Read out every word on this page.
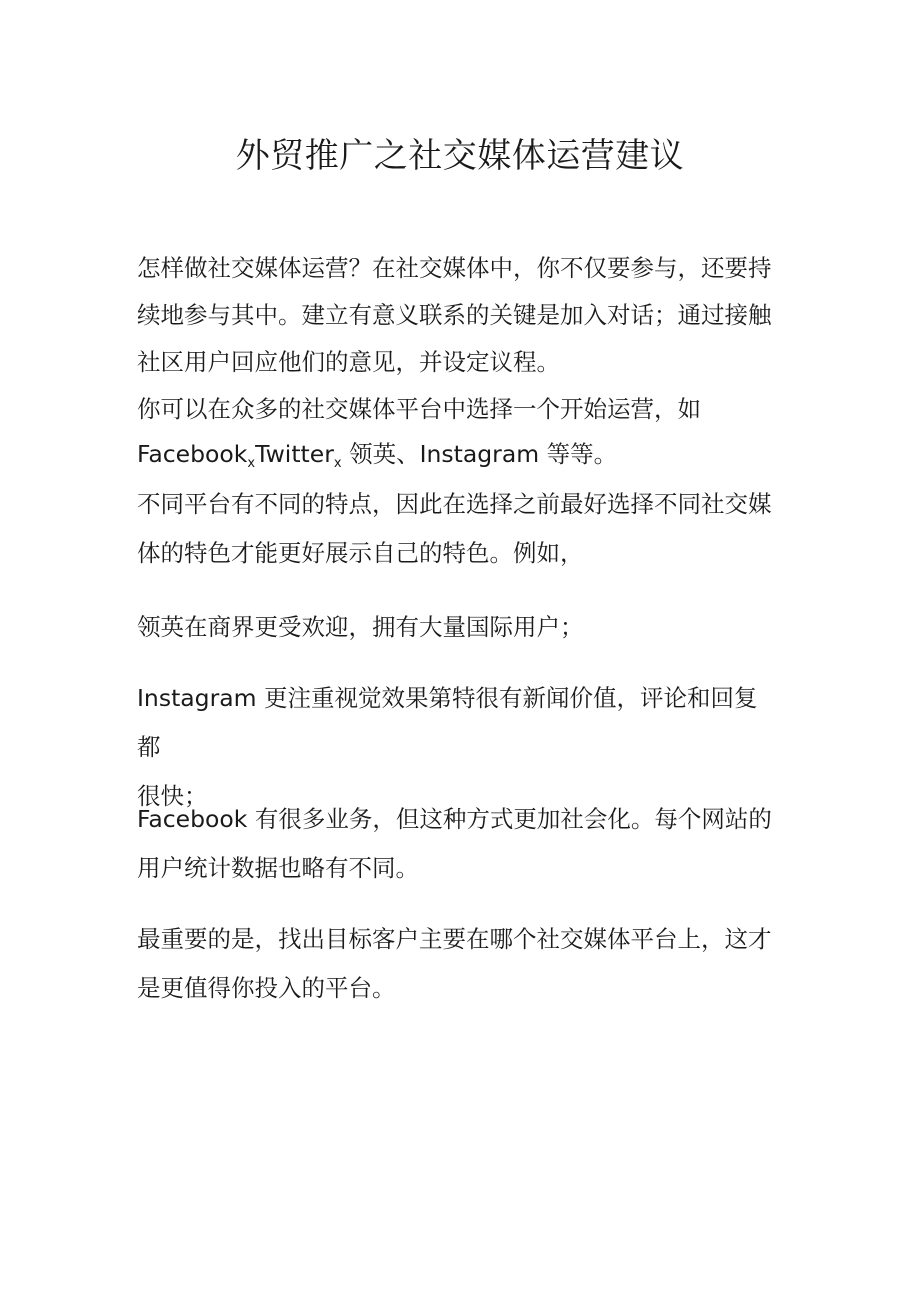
外贸推广之社交媒体运营建议

怎样做社交媒体运营？在社交媒体中，你不仅要参与，还要持
续地参与其中。建立有意义联系的关键是加入对话；通过接触
社区用户回应他们的意见，并设定议程。

你可以在众多的社交媒体平台中选择一个开始运营，如
Facebook$_x$Twitter$_x$ 领英、Instagram 等等。

不同平台有不同的特点，因此在选择之前最好选择不同社交媒
体的特色才能更好展示自己的特色。例如，

领英在商界更受欢迎，拥有大量国际用户；

Instagram 更注重视觉效果第特很有新闻价值，评论和回复都
很快；

Facebook 有很多业务，但这种方式更加社会化。每个网站的
用户统计数据也略有不同。

最重要的是，找出目标客户主要在哪个社交媒体平台上，这才
是更值得你投入的平台。
